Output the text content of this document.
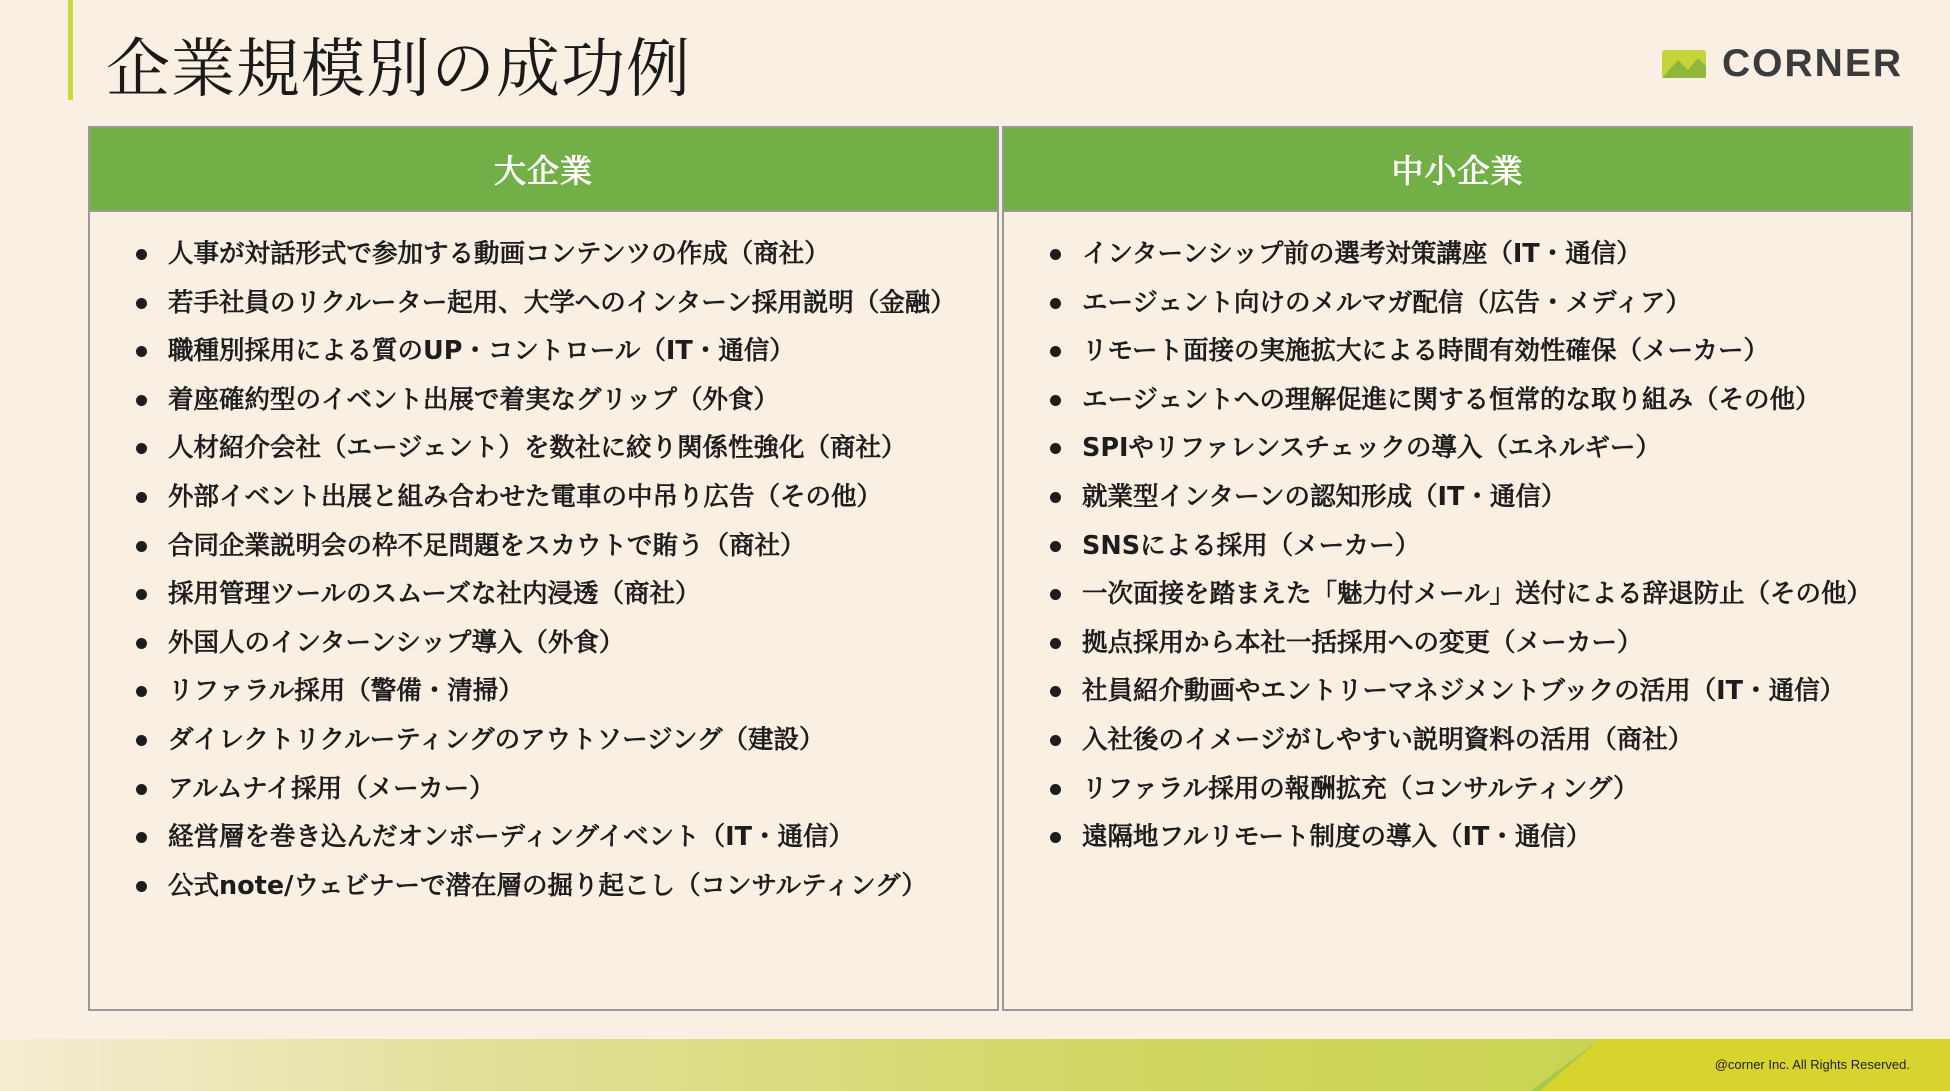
企業規模別の成功例	CORNER
大企業
人事が対話形式で参加する動画コンテンツの作成（商社）
若手社員のリクルーター起用、大学へのインターン採用説明（金融）
職種別採用による質のUP・コントロール（IT・通信）
着座確約型のイベント出展で着実なグリップ（外食）
人材紹介会社（エージェント）を数社に絞り関係性強化（商社）
外部イベント出展と組み合わせた電車の中吊り広告（その他）
合同企業説明会の枠不足問題をスカウトで賄う（商社）
採用管理ツールのスムーズな社内浸透（商社）
外国人のインターンシップ導入（外食）
リファラル採用（警備・清掃）
ダイレクトリクルーティングのアウトソージング（建設）
アルムナイ採用（メーカー）
経営層を巻き込んだオンボーディングイベント（IT・通信）
公式note/ウェビナーで潜在層の掘り起こし（コンサルティング）
中小企業
インターンシップ前の選考対策講座（IT・通信）
エージェント向けのメルマガ配信（広告・メディア）
リモート面接の実施拡大による時間有効性確保（メーカー）
エージェントへの理解促進に関する恒常的な取り組み（その他）
SPIやリファレンスチェックの導入（エネルギー）
就業型インターンの認知形成（IT・通信）
SNSによる採用（メーカー）
一次面接を踏まえた「魅力付メール」送付による辞退防止（その他）
拠点採用から本社一括採用への変更（メーカー）
社員紹介動画やエントリーマネジメントブックの活用（IT・通信）
入社後のイメージがしやすい説明資料の活用（商社）
リファラル採用の報酬拡充（コンサルティング）
遠隔地フルリモート制度の導入（IT・通信）
@corner Inc. All Rights Reserved.
